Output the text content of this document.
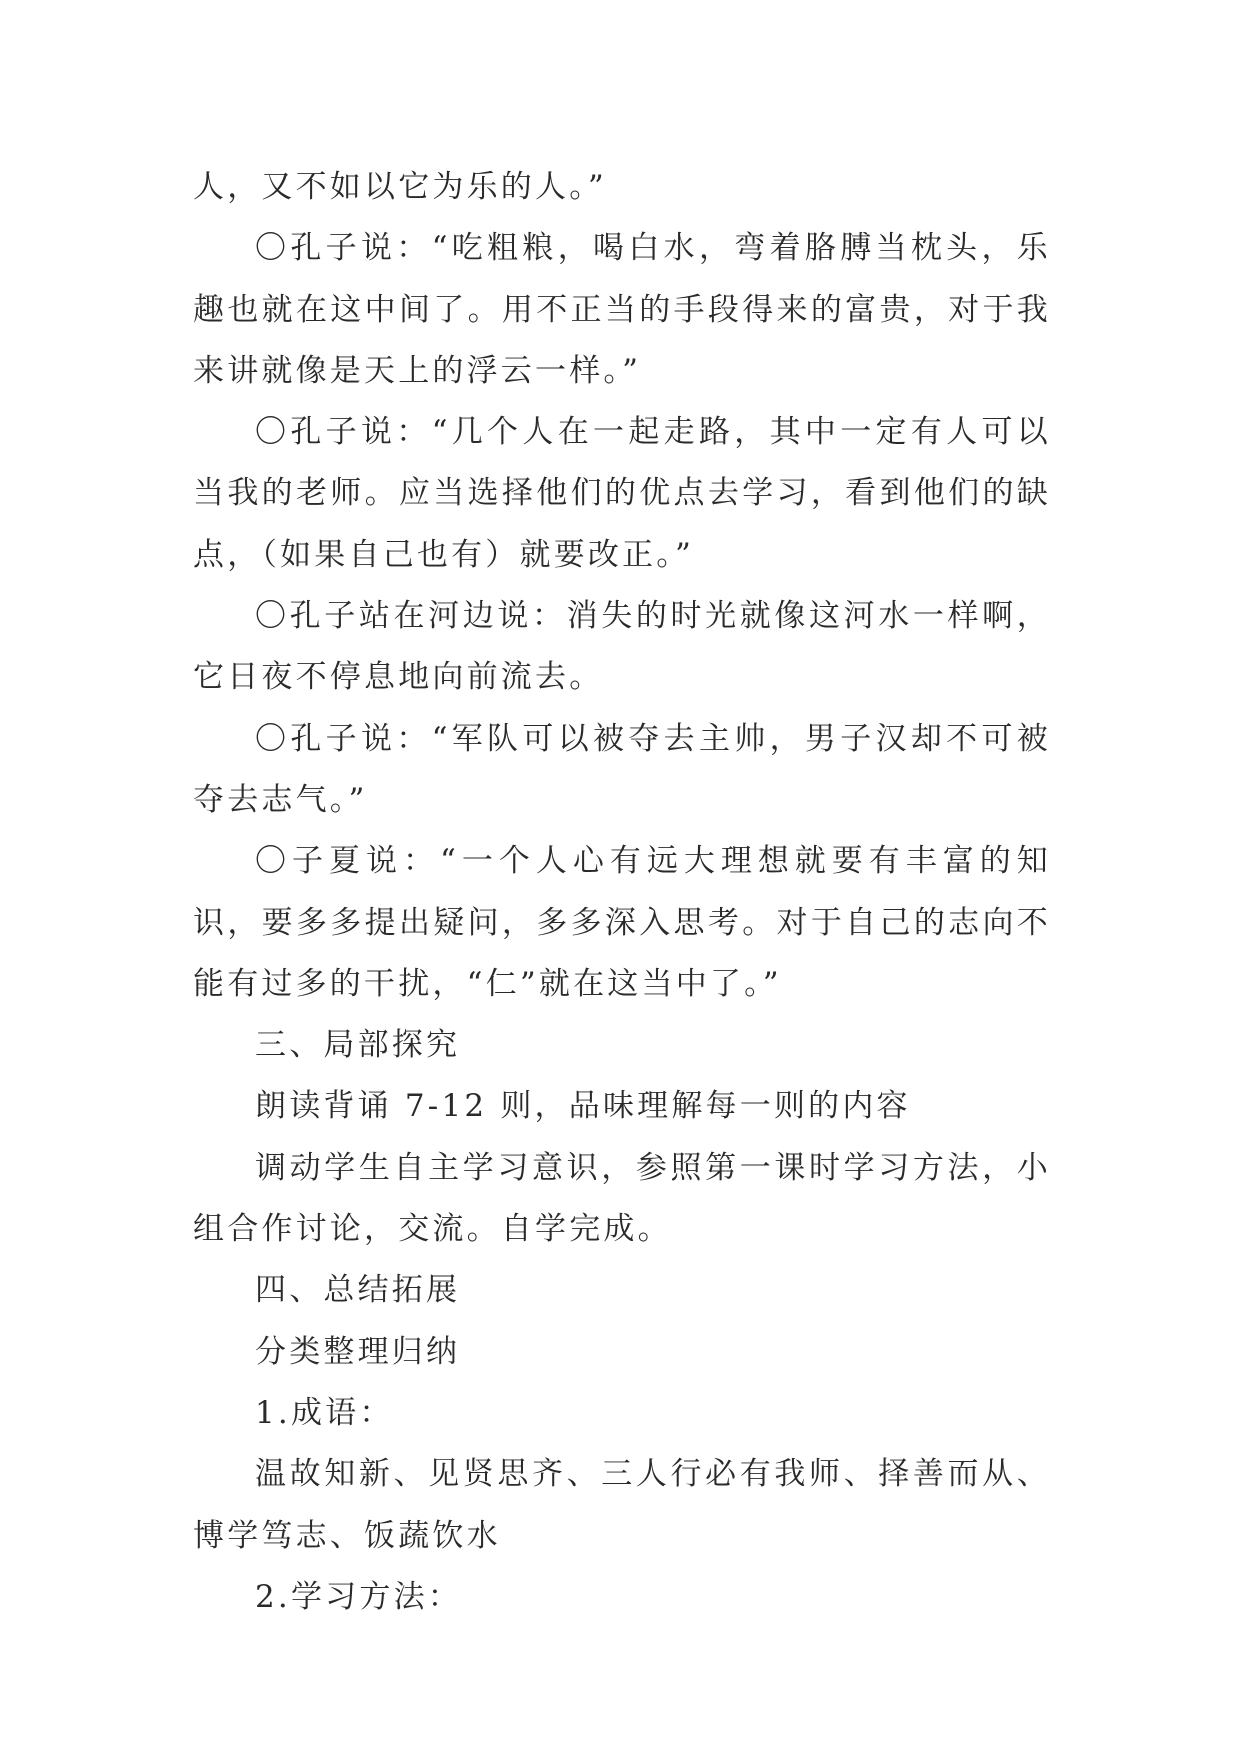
人，又不如以它为乐的人。”

〇孔子说：“吃粗粮，喝白水，弯着胳膊当枕头，乐趣也就在这中间了。用不正当的手段得来的富贵，对于我来讲就像是天上的浮云一样。”

〇孔子说：“几个人在一起走路，其中一定有人可以当我的老师。应当选择他们的优点去学习，看到他们的缺点，（如果自己也有）就要改正。”

〇孔子站在河边说：消失的时光就像这河水一样啊，它日夜不停息地向前流去。

〇孔子说：“军队可以被夺去主帅，男子汉却不可被夺去志气。”

〇子夏说：“一个人心有远大理想就要有丰富的知识，要多多提出疑问，多多深入思考。对于自己的志向不能有过多的干扰，“仁”就在这当中了。”

三、局部探究

朗读背诵 7-12 则，品味理解每一则的内容

调动学生自主学习意识，参照第一课时学习方法，小组合作讨论，交流。自学完成。

四、总结拓展

分类整理归纳

1.成语：

温故知新、见贤思齐、三人行必有我师、择善而从、博学笃志、饭蔬饮水

2.学习方法：
